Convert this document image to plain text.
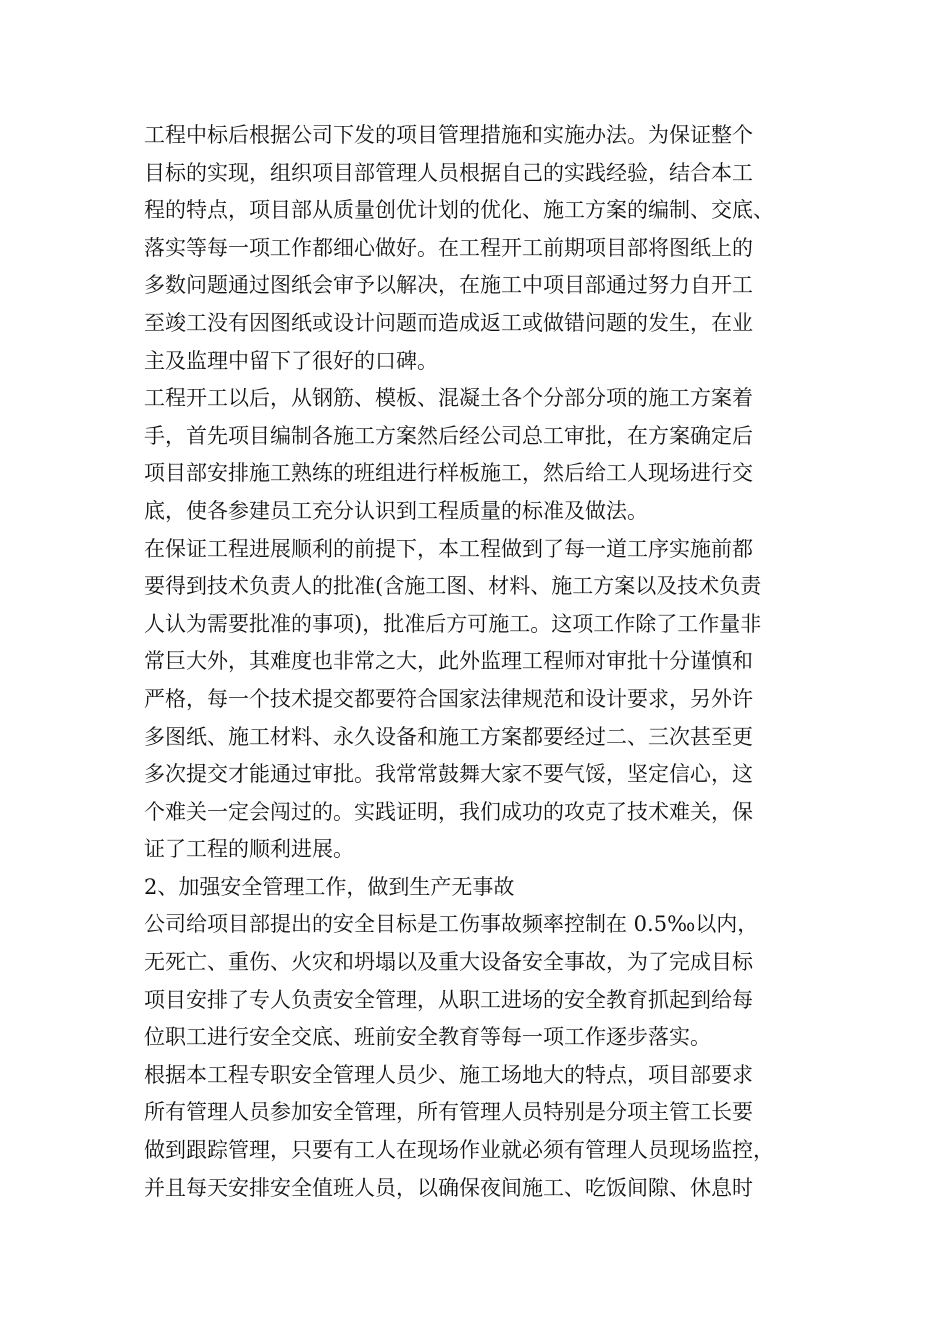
工程中标后根据公司下发的项目管理措施和实施办法。为保证整个
目标的实现，组织项目部管理人员根据自己的实践经验，结合本工
程的特点，项目部从质量创优计划的优化、施工方案的编制、交底、
落实等每一项工作都细心做好。在工程开工前期项目部将图纸上的
多数问题通过图纸会审予以解决，在施工中项目部通过努力自开工
至竣工没有因图纸或设计问题而造成返工或做错问题的发生，在业
主及监理中留下了很好的口碑。
工程开工以后，从钢筋、模板、混凝土各个分部分项的施工方案着
手，首先项目编制各施工方案然后经公司总工审批，在方案确定后
项目部安排施工熟练的班组进行样板施工，然后给工人现场进行交
底，使各参建员工充分认识到工程质量的标准及做法。
在保证工程进展顺利的前提下，本工程做到了每一道工序实施前都
要得到技术负责人的批准(含施工图、材料、施工方案以及技术负责
人认为需要批准的事项)，批准后方可施工。这项工作除了工作量非
常巨大外，其难度也非常之大，此外监理工程师对审批十分谨慎和
严格，每一个技术提交都要符合国家法律规范和设计要求，另外许
多图纸、施工材料、永久设备和施工方案都要经过二、三次甚至更
多次提交才能通过审批。我常常鼓舞大家不要气馁，坚定信心，这
个难关一定会闯过的。实践证明，我们成功的攻克了技术难关，保
证了工程的顺利进展。
2、加强安全管理工作，做到生产无事故
公司给项目部提出的安全目标是工伤事故频率控制在 0.5‰以内，
无死亡、重伤、火灾和坍塌以及重大设备安全事故，为了完成目标
项目安排了专人负责安全管理，从职工进场的安全教育抓起到给每
位职工进行安全交底、班前安全教育等每一项工作逐步落实。
根据本工程专职安全管理人员少、施工场地大的特点，项目部要求
所有管理人员参加安全管理，所有管理人员特别是分项主管工长要
做到跟踪管理，只要有工人在现场作业就必须有管理人员现场监控，
并且每天安排安全值班人员，以确保夜间施工、吃饭间隙、休息时
